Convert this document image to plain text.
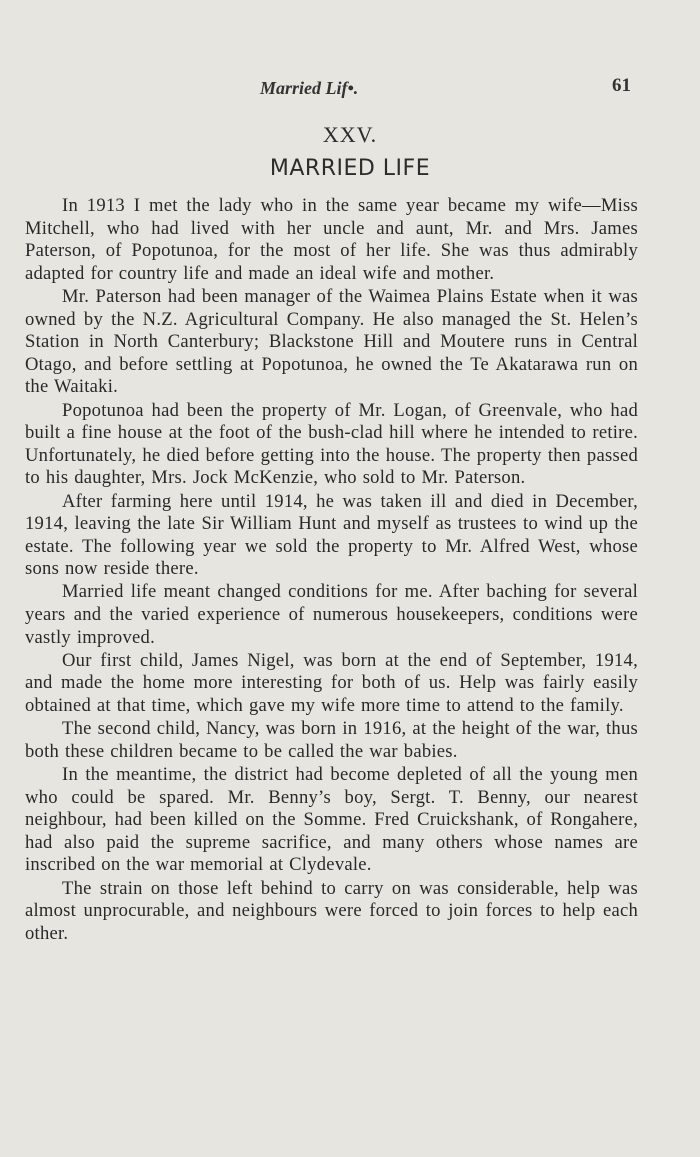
Married Lif•.	61
XXV.
MARRIED LIFE

In 1913 I met the lady who in the same year became my wife—Miss Mitchell, who had lived with her uncle and aunt, Mr. and Mrs. James Paterson, of Popotunoa, for the most of her life. She was thus admirably adapted for country life and made an ideal wife and mother.

Mr. Paterson had been manager of the Waimea Plains Estate when it was owned by the N.Z. Agricultural Company. He also managed the St. Helen’s Station in North Canterbury; Blackstone Hill and Moutere runs in Central Otago, and before settling at Popotunoa, he owned the Te Akatarawa run on the Waitaki.

Popotunoa had been the property of Mr. Logan, of Greenvale, who had built a fine house at the foot of the bush-clad hill where he intended to retire. Unfortunately, he died before getting into the house. The property then passed to his daughter, Mrs. Jock McKenzie, who sold to Mr. Paterson.

After farming here until 1914, he was taken ill and died in December, 1914, leaving the late Sir William Hunt and myself as trustees to wind up the estate. The following year we sold the property to Mr. Alfred West, whose sons now reside there.

Married life meant changed conditions for me. After baching for several years and the varied experience of numerous housekeepers, conditions were vastly improved.

Our first child, James Nigel, was born at the end of September, 1914, and made the home more interesting for both of us. Help was fairly easily obtained at that time, which gave my wife more time to attend to the family.

The second child, Nancy, was born in 1916, at the height of the war, thus both these children became to be called the war babies.

In the meantime, the district had become depleted of all the young men who could be spared. Mr. Benny’s boy, Sergt. T. Benny, our nearest neighbour, had been killed on the Somme. Fred Cruickshank, of Rongahere, had also paid the supreme sacrifice, and many others whose names are inscribed on the war memorial at Clydevale.

The strain on those left behind to carry on was considerable, help was almost unprocurable, and neighbours were forced to join forces to help each other.
